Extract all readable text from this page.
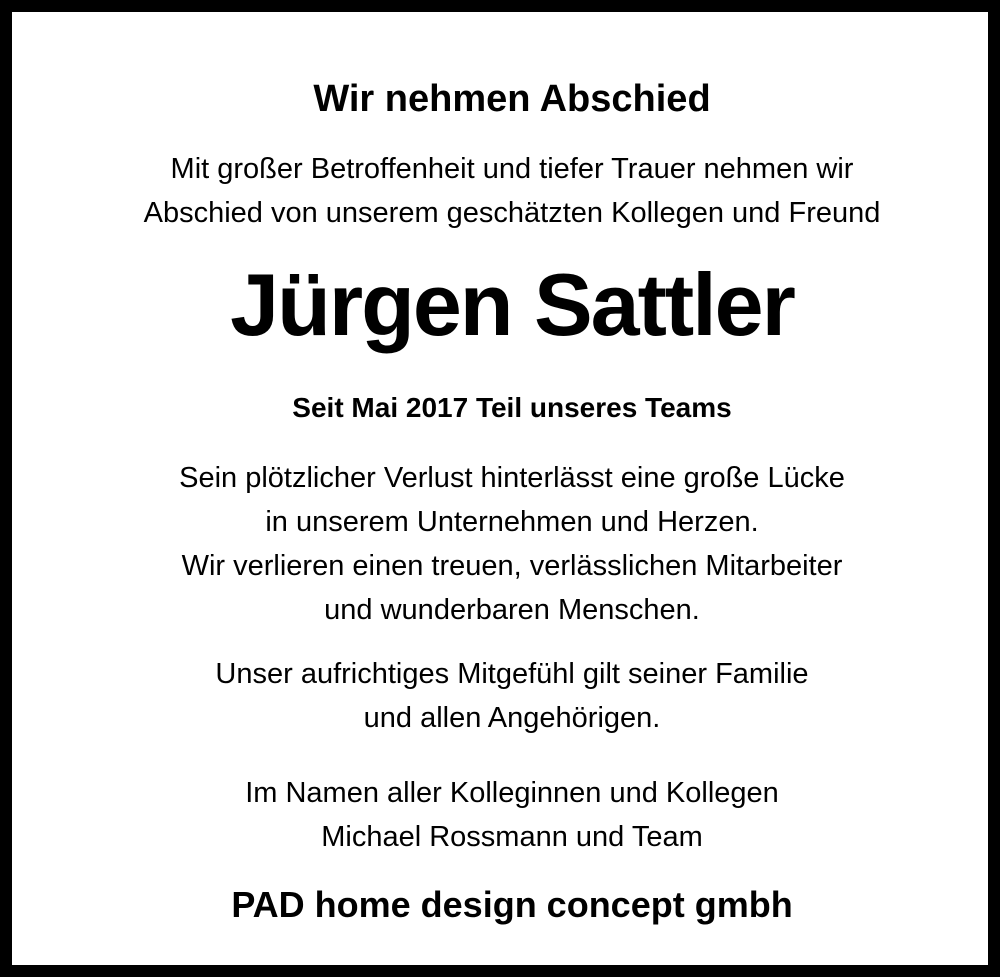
Wir nehmen Abschied
Mit großer Betroffenheit und tiefer Trauer nehmen wir
Abschied von unserem geschätzten Kollegen und Freund
Jürgen Sattler
Seit Mai 2017 Teil unseres Teams
Sein plötzlicher Verlust hinterlässt eine große Lücke
in unserem Unternehmen und Herzen.
Wir verlieren einen treuen, verlässlichen Mitarbeiter
und wunderbaren Menschen.
Unser aufrichtiges Mitgefühl gilt seiner Familie
und allen Angehörigen.
Im Namen aller Kolleginnen und Kollegen
Michael Rossmann und Team
PAD home design concept gmbh
